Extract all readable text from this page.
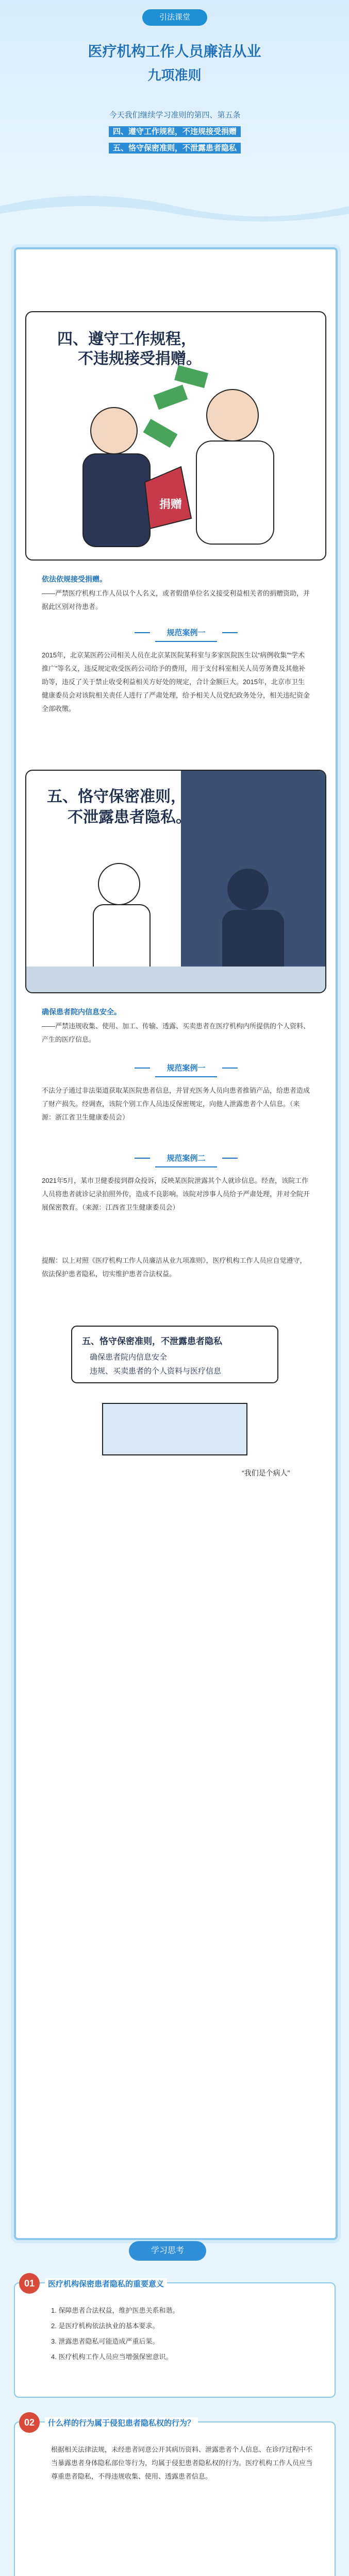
引法课堂
医疗机构工作人员廉洁从业
九项准则
今天我们继续学习准则的第四、第五条
四、遵守工作规程，不违规接受捐赠
五、恪守保密准则，不泄露患者隐私
四、遵守工作规程，
不违规接受捐赠。
捐赠
依法依规接受捐赠。
——严禁医疗机构工作人员以个人名义，或者假借单位名义接受利益相关者的捐赠资助，并据此区别对待患者。
规范案例一
2015年，北京某医药公司相关人员在北京某医院某科室与多家医院医生以“病例收集”“学术推广”等名义，违反规定收受医药公司给予的费用，用于支付科室相关人员劳务费及其他补助等，违反了关于禁止收受利益相关方好处的规定，合计金额巨大。2015年，北京市卫生健康委员会对该院相关责任人进行了严肃处理，给予相关人员党纪政务处分，相关违纪资金全部收缴。
五、恪守保密准则，
不泄露患者隐私。
确保患者院内信息安全。
——严禁违规收集、使用、加工、传输、透露、买卖患者在医疗机构内所提供的个人资料、产生的医疗信息。
规范案例一
不法分子通过非法渠道获取某医院患者信息，并冒充医务人员向患者推销产品，给患者造成了财产损失。经调查，该院个别工作人员违反保密规定，向他人泄露患者个人信息。（来源：浙江省卫生健康委员会）
规范案例二
2021年5月，某市卫健委接到群众投诉，反映某医院泄露其个人就诊信息。经查，该院工作人员将患者就诊记录拍照外传，造成不良影响。该院对涉事人员给予严肃处理，并对全院开展保密教育。（来源：江西省卫生健康委员会）
提醒：以上对照《医疗机构工作人员廉洁从业九项准则》，医疗机构工作人员应自觉遵守，依法保护患者隐私，切实维护患者合法权益。
五、恪守保密准则，不泄露患者隐私
确保患者院内信息安全
违规、买卖患者的个人资料与医疗信息
“我们是个病人”
学习思考
01	医疗机构保密患者隐私的重要意义
1. 保障患者合法权益，维护医患关系和谐。
2. 是医疗机构依法执业的基本要求。
3. 泄露患者隐私可能造成严重后果。
4. 医疗机构工作人员应当增强保密意识。
02	什么样的行为属于侵犯患者隐私权的行为？
根据相关法律法规，未经患者同意公开其病历资料、泄露患者个人信息、在诊疗过程中不当暴露患者身体隐私部位等行为，均属于侵犯患者隐私权的行为。医疗机构工作人员应当尊重患者隐私，不得违规收集、使用、透露患者信息。
